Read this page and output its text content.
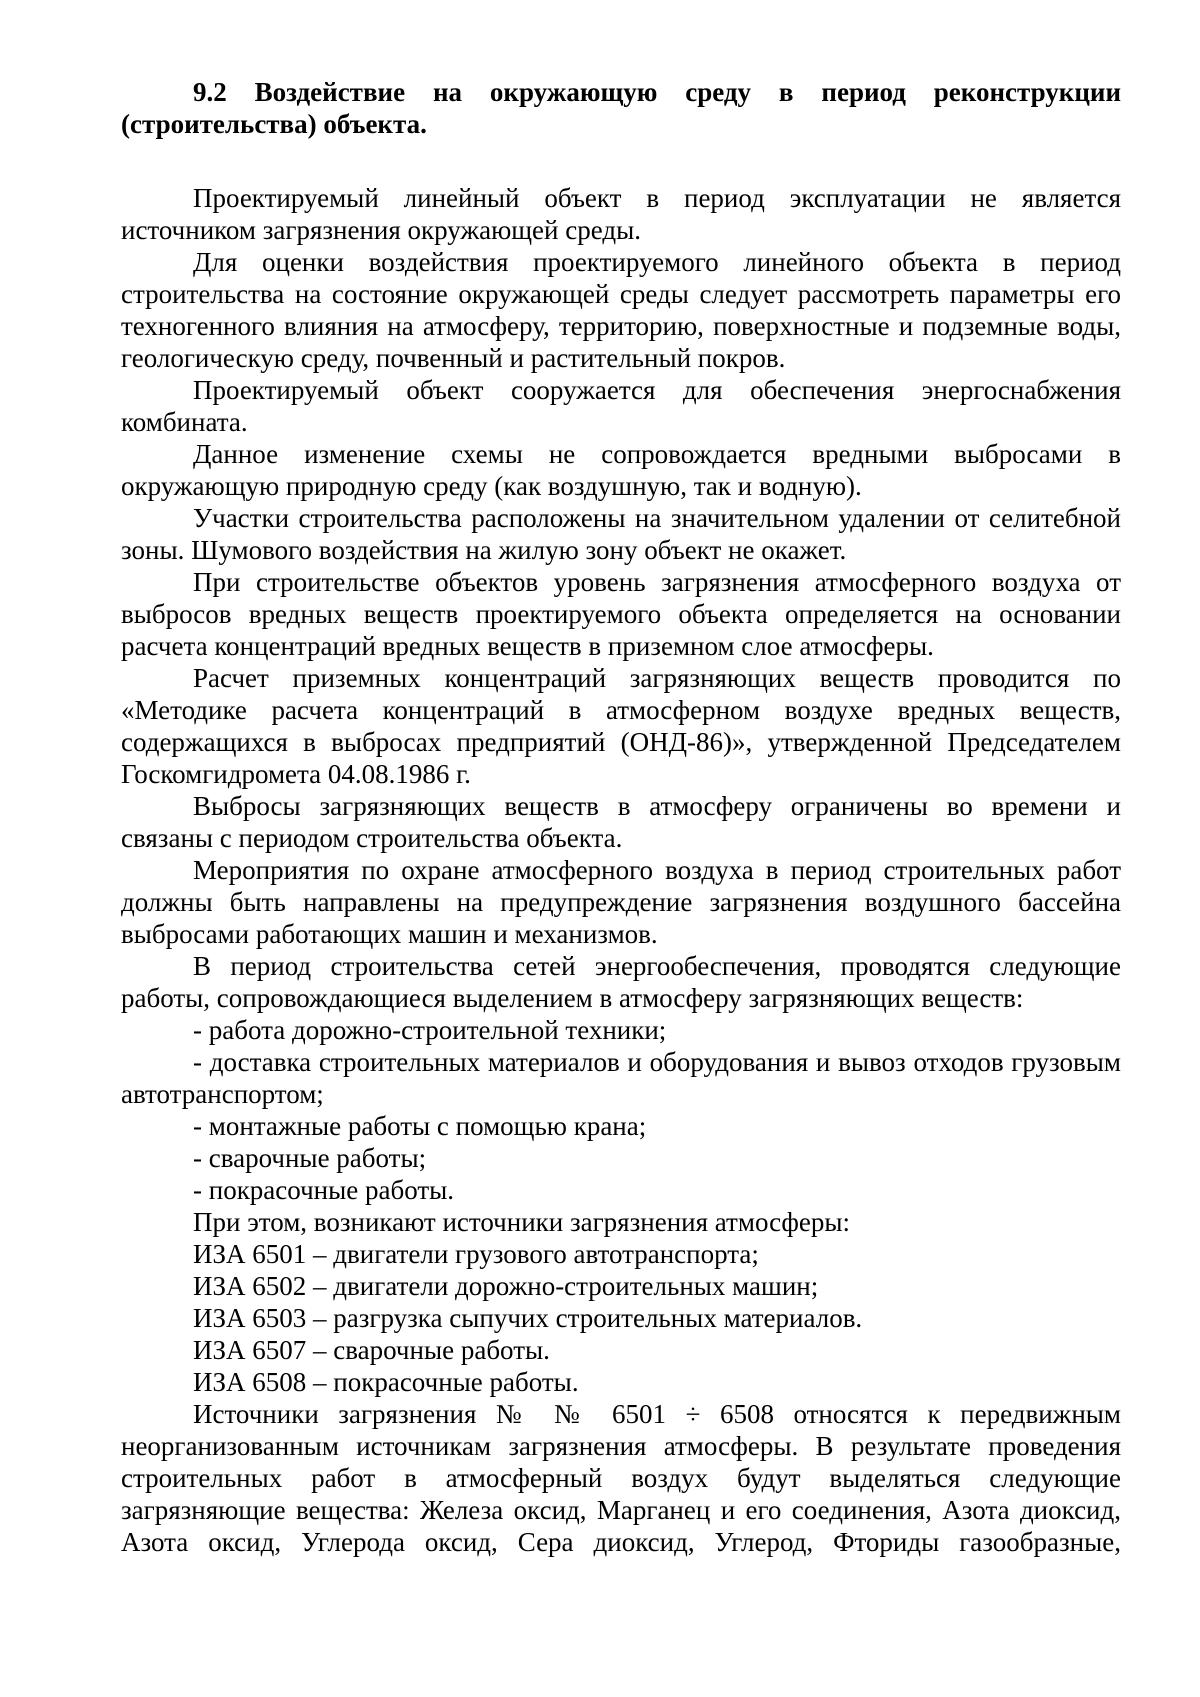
9.2 Воздействие на окружающую среду в период реконструкции (строительства) объекта.

Проектируемый линейный объект в период эксплуатации не является источником загрязнения окружающей среды.

Для оценки воздействия проектируемого линейного объекта в период строительства на состояние окружающей среды следует рассмотреть параметры его техногенного влияния на атмосферу, территорию, поверхностные и подземные воды, геологическую среду, почвенный и растительный покров.

Проектируемый объект сооружается для обеспечения энергоснабжения комбината.

Данное изменение схемы не сопровождается вредными выбросами в окружающую природную среду (как воздушную, так и водную).

Участки строительства расположены на значительном удалении от селитебной зоны. Шумового воздействия на жилую зону объект не окажет.

При строительстве объектов уровень загрязнения атмосферного воздуха от выбросов вредных веществ проектируемого объекта определяется на основании расчета концентраций вредных веществ в приземном слое атмосферы.

Расчет приземных концентраций загрязняющих веществ проводится по «Методике расчета концентраций в атмосферном воздухе вредных веществ, содержащихся в выбросах предприятий (ОНД-86)», утвержденной Председателем Госкомгидромета 04.08.1986 г.

Выбросы загрязняющих веществ в атмосферу ограничены во времени и связаны с периодом строительства объекта.

Мероприятия по охране атмосферного воздуха в период строительных работ должны быть направлены на предупреждение загрязнения воздушного бассейна выбросами работающих машин и механизмов.

В период строительства сетей энергообеспечения, проводятся следующие работы, сопровождающиеся выделением в атмосферу загрязняющих веществ:

- работа дорожно-строительной техники;

- доставка строительных материалов и оборудования и вывоз отходов грузовым автотранспортом;

- монтажные работы с помощью крана;

- сварочные работы;

- покрасочные работы.

При этом, возникают источники загрязнения атмосферы:

ИЗА 6501 – двигатели грузового автотранспорта;

ИЗА 6502 – двигатели дорожно-строительных машин;

ИЗА 6503 – разгрузка сыпучих строительных материалов.

ИЗА 6507 – сварочные работы.

ИЗА 6508 – покрасочные работы.

Источники загрязнения № № 6501 ÷ 6508 относятся к передвижным неорганизованным источникам загрязнения атмосферы. В результате проведения строительных работ в атмосферный воздух будут выделяться следующие загрязняющие вещества: Железа оксид, Марганец и его соединения, Азота диоксид, Азота оксид, Углерода оксид, Сера диоксид, Углерод, Фториды газообразные,
